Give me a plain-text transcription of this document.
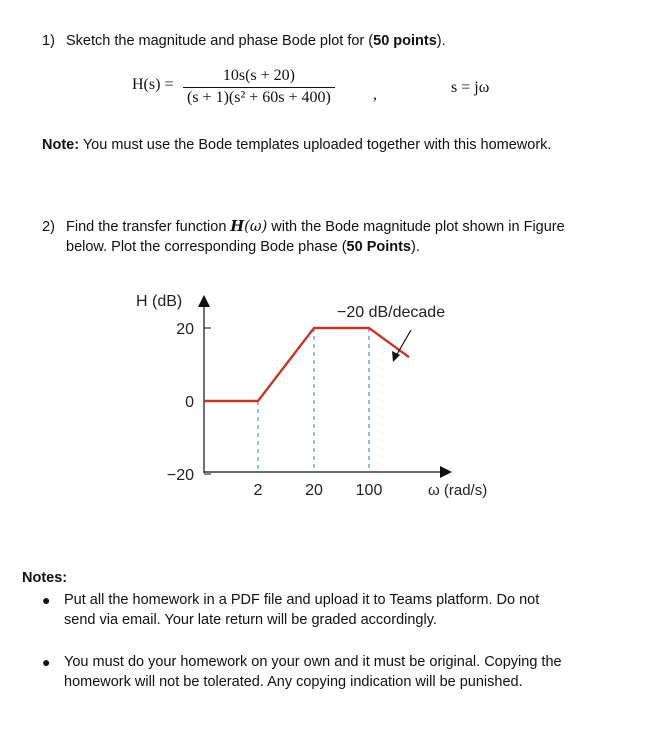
1) Sketch the magnitude and phase Bode plot for (50 points).
$H(s) = \frac{10s(s + 20)}{\text{(s + 1)(s² + 60s + 400)}}$ ,	s = jω
Note: You must use the Bode templates uploaded together with this homework.
2) Find the transfer function H(ω) with the Bode magnitude plot shown in Figure
below. Plot the corresponding Bode phase (50 Points).
H (dB)
20
0
−20
2	20 100	ω (rad/s)
−20 dB/decade
Notes:
● Put all the homework in a PDF file and upload it to Teams platform. Do not
send via email. Your late return will be graded accordingly.
● You must do your homework on your own and it must be original. Copying the
homework will not be tolerated. Any copying indication will be punished.
